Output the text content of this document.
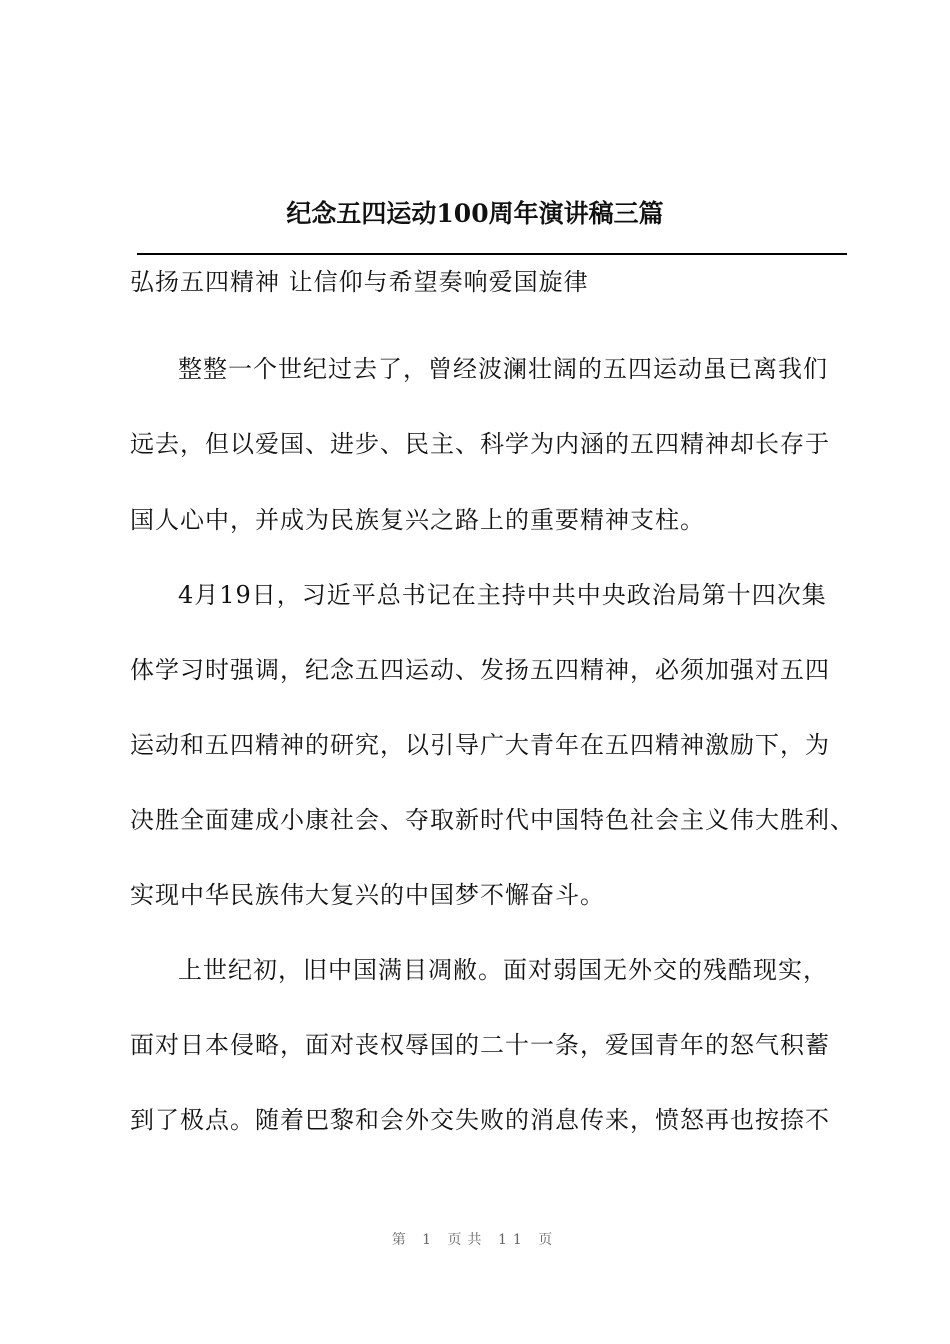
纪念五四运动100周年演讲稿三篇

弘扬五四精神 让信仰与希望奏响爱国旋律

整整一个世纪过去了，曾经波澜壮阔的五四运动虽已离我们

远去，但以爱国、进步、民主、科学为内涵的五四精神却长存于

国人心中，并成为民族复兴之路上的重要精神支柱。

4月19日，习近平总书记在主持中共中央政治局第十四次集

体学习时强调，纪念五四运动、发扬五四精神，必须加强对五四

运动和五四精神的研究，以引导广大青年在五四精神激励下，为

决胜全面建成小康社会、夺取新时代中国特色社会主义伟大胜利、

实现中华民族伟大复兴的中国梦不懈奋斗。

上世纪初，旧中国满目凋敝。面对弱国无外交的残酷现实，

面对日本侵略，面对丧权辱国的二十一条，爱国青年的怒气积蓄

到了极点。随着巴黎和会外交失败的消息传来，愤怒再也按捺不

第 1 页共 11 页
